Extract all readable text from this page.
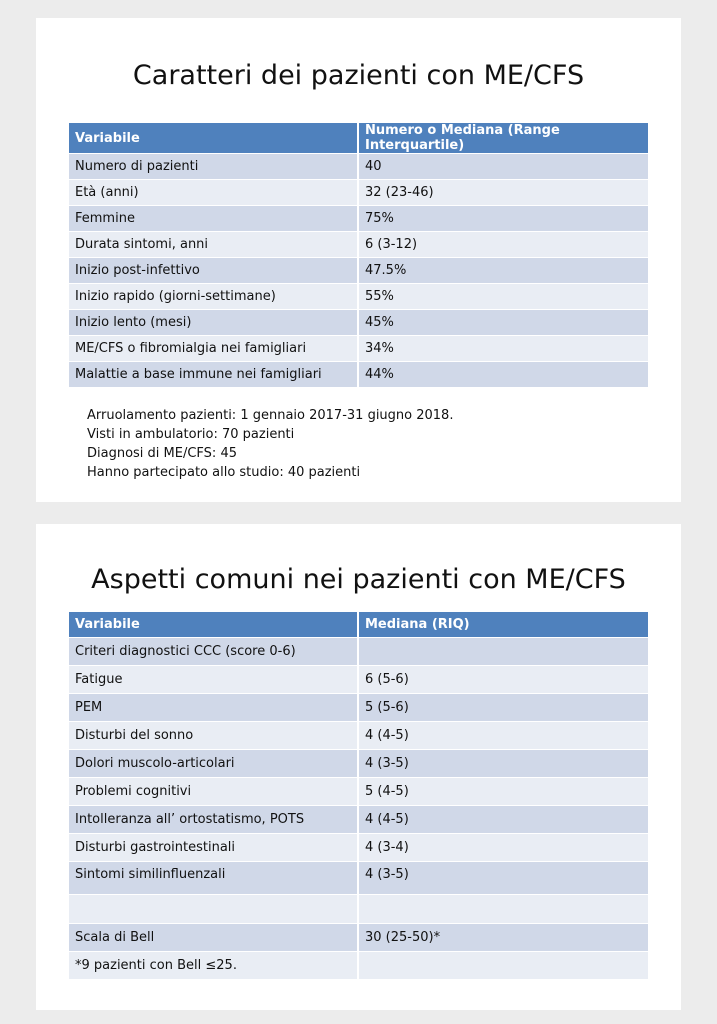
Caratteri dei pazienti con ME/CFS
Variabile	Numero o Mediana (Range Interquartile)
Numero di pazienti	40
Età (anni)	32 (23-46)
Femmine	75%
Durata sintomi, anni	6 (3-12)
Inizio post-infettivo	47.5%
Inizio rapido (giorni-settimane)	55%
Inizio lento (mesi)	45%
ME/CFS o fibromialgia nei famigliari	34%
Malattie a base immune nei famigliari	44%
Arruolamento pazienti: 1 gennaio 2017-31 giugno 2018.
Visti in ambulatorio: 70 pazienti
Diagnosi di ME/CFS: 45
Hanno partecipato allo studio: 40 pazienti
Aspetti comuni nei pazienti con ME/CFS
Variabile	Mediana (RIQ)
Criteri diagnostici CCC (score 0-6)	
Fatigue	6 (5-6)
PEM	5 (5-6)
Disturbi del sonno	4 (4-5)
Dolori muscolo-articolari	4 (3-5)
Problemi cognitivi	5 (4-5)
Intolleranza all’ ortostatismo, POTS	4 (4-5)
Disturbi gastrointestinali	4 (3-4)
Sintomi similinfluenzali	4 (3-5)

Scala di Bell	30 (25-50)*
*9 pazienti con Bell ≤25.	
